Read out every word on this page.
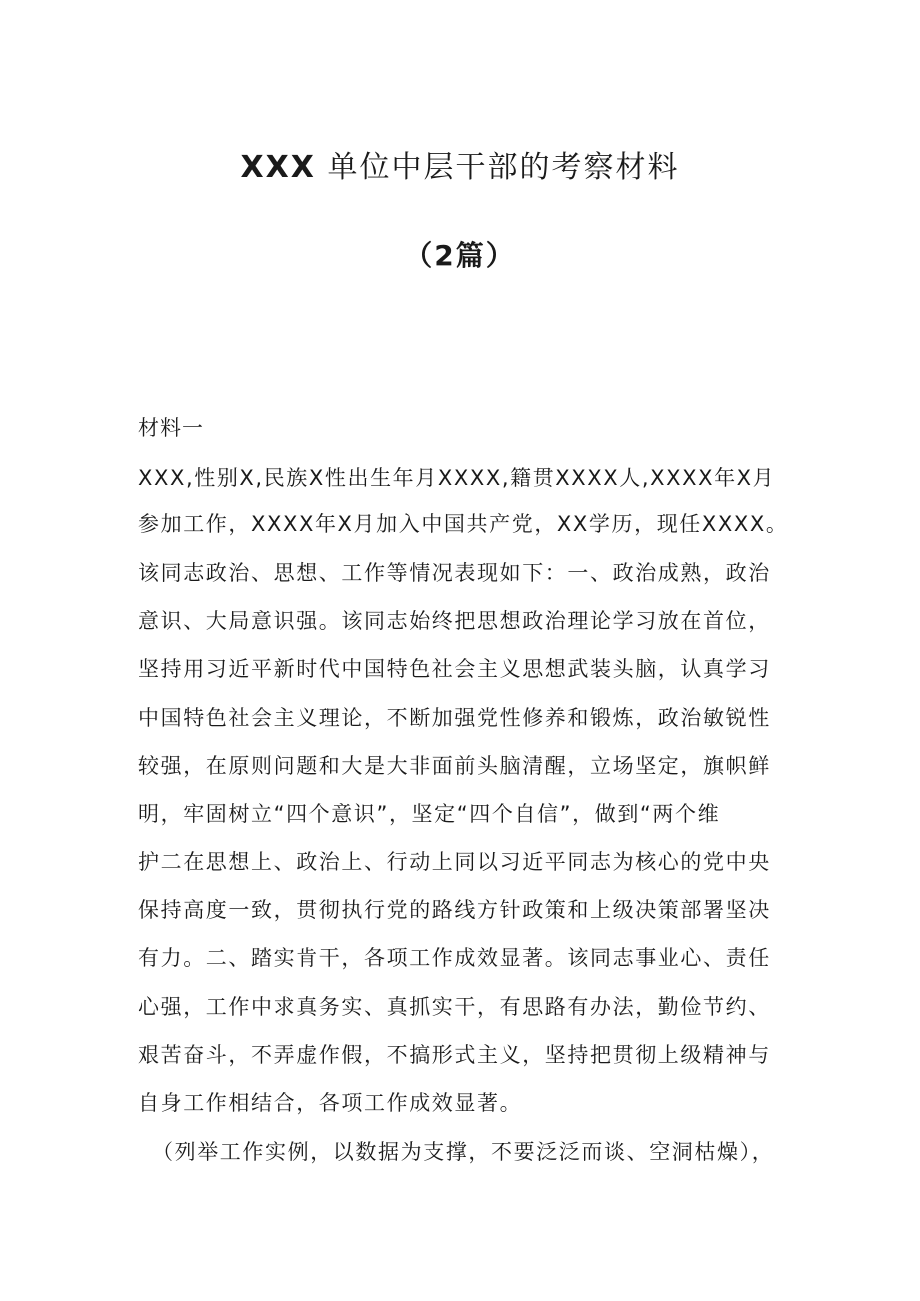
XXX 单位中层干部的考察材料
（2篇）
材料一
XXX,性别X,民族X性出生年月XXXX,籍贯XXXX人,XXXX年X月
参加工作，XXXX年X月加入中国共产党，XX学历，现任XXXX。
该同志政治、思想、工作等情况表现如下：一、政治成熟，政治
意识、大局意识强。该同志始终把思想政治理论学习放在首位，
坚持用习近平新时代中国特色社会主义思想武装头脑，认真学习
中国特色社会主义理论，不断加强党性修养和锻炼，政治敏锐性
较强，在原则问题和大是大非面前头脑清醒，立场坚定，旗帜鲜
明，牢固树立“四个意识”，坚定“四个自信”，做到“两个维
护二在思想上、政治上、行动上同以习近平同志为核心的党中央
保持高度一致，贯彻执行党的路线方针政策和上级决策部署坚决
有力。二、踏实肯干，各项工作成效显著。该同志事业心、责任
心强，工作中求真务实、真抓实干，有思路有办法，勤俭节约、
艰苦奋斗，不弄虚作假，不搞形式主义，坚持把贯彻上级精神与
自身工作相结合，各项工作成效显著。
（列举工作实例，以数据为支撑，不要泛泛而谈、空洞枯燥），
